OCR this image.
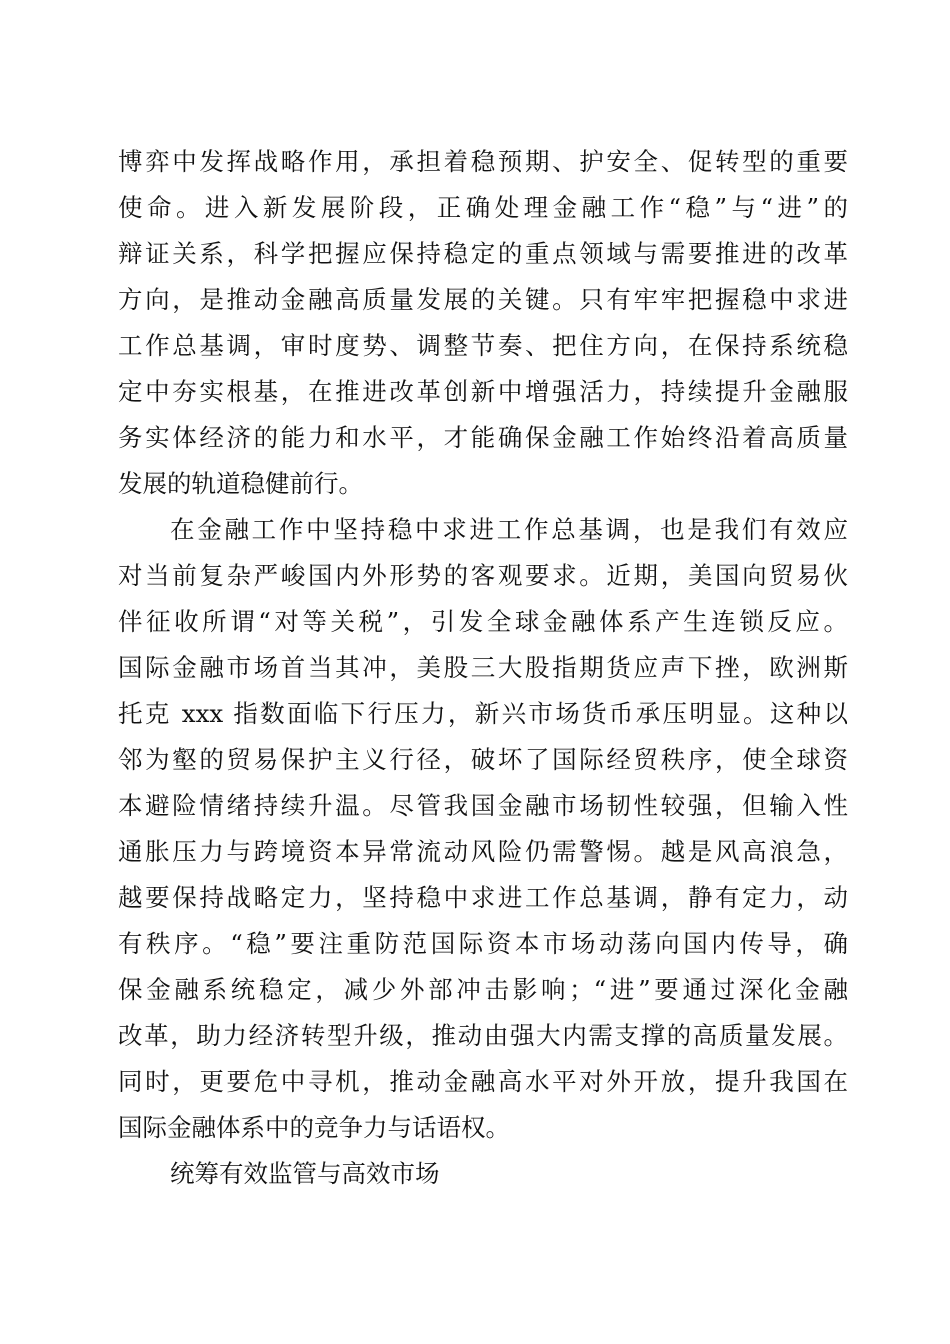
博弈中发挥战略作用，承担着稳预期、护安全、促转型的重要
使命。进入新发展阶段，正确处理金融工作“稳”与“进”的
辩证关系，科学把握应保持稳定的重点领域与需要推进的改革
方向，是推动金融高质量发展的关键。只有牢牢把握稳中求进
工作总基调，审时度势、调整节奏、把住方向，在保持系统稳
定中夯实根基，在推进改革创新中增强活力，持续提升金融服
务实体经济的能力和水平，才能确保金融工作始终沿着高质量
发展的轨道稳健前行。
在金融工作中坚持稳中求进工作总基调，也是我们有效应
对当前复杂严峻国内外形势的客观要求。近期，美国向贸易伙
伴征收所谓“对等关税”，引发全球金融体系产生连锁反应。
国际金融市场首当其冲，美股三大股指期货应声下挫，欧洲斯
托克 xxx 指数面临下行压力，新兴市场货币承压明显。这种以
邻为壑的贸易保护主义行径，破坏了国际经贸秩序，使全球资
本避险情绪持续升温。尽管我国金融市场韧性较强，但输入性
通胀压力与跨境资本异常流动风险仍需警惕。越是风高浪急，
越要保持战略定力，坚持稳中求进工作总基调，静有定力，动
有秩序。“稳”要注重防范国际资本市场动荡向国内传导，确
保金融系统稳定，减少外部冲击影响；“进”要通过深化金融
改革，助力经济转型升级，推动由强大内需支撑的高质量发展。
同时，更要危中寻机，推动金融高水平对外开放，提升我国在
国际金融体系中的竞争力与话语权。
统筹有效监管与高效市场
